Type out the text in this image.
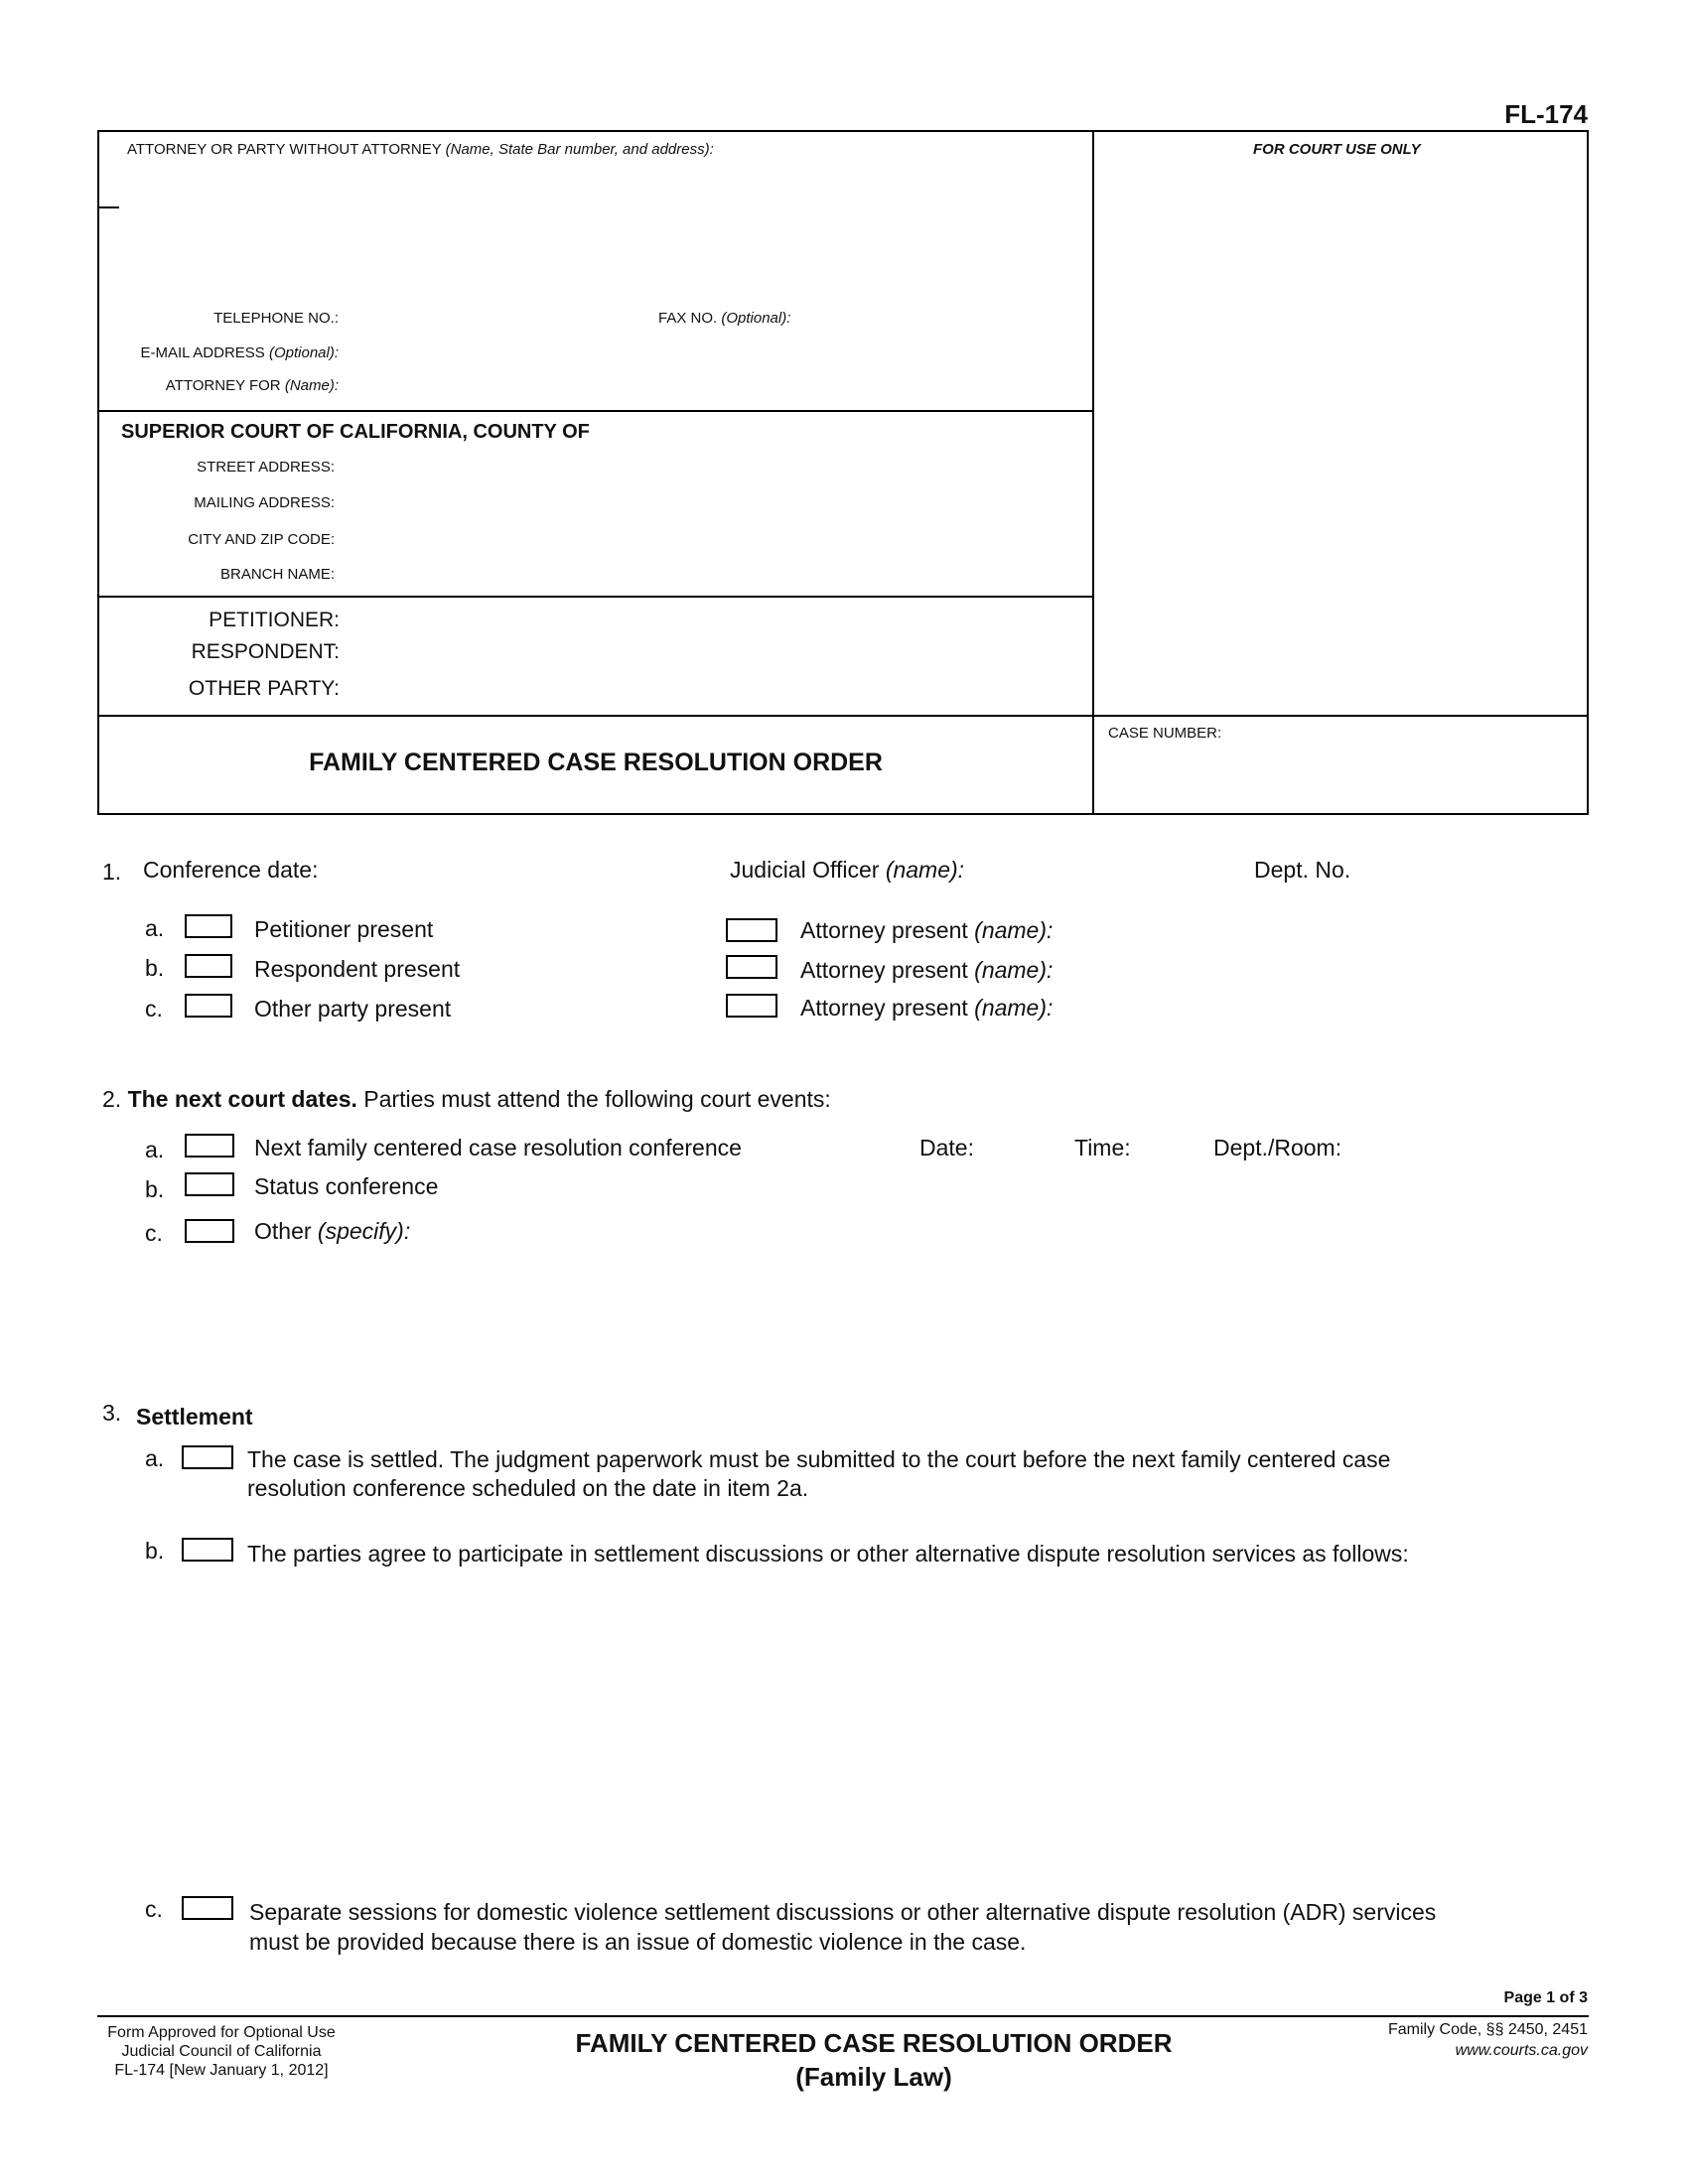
FL-174
ATTORNEY OR PARTY WITHOUT ATTORNEY (Name, State Bar number, and address):	FOR COURT USE ONLY
TELEPHONE NO.:	FAX NO. (Optional):
E-MAIL ADDRESS (Optional):
ATTORNEY FOR (Name):
SUPERIOR COURT OF CALIFORNIA, COUNTY OF
STREET ADDRESS:
MAILING ADDRESS:
CITY AND ZIP CODE:
BRANCH NAME:
PETITIONER:
RESPONDENT:
OTHER PARTY:
FAMILY CENTERED CASE RESOLUTION ORDER
CASE NUMBER:
1. Conference date:	Judicial Officer (name):	Dept. No.
a.	Petitioner present	Attorney present (name):
b.	Respondent present	Attorney present (name):
c.	Other party present	Attorney present (name):
2. The next court dates. Parties must attend the following court events:
a.	Next family centered case resolution conference	Date:	Time:	Dept./Room:
b.	Status conference
c.	Other (specify):
3. Settlement
a.	The case is settled. The judgment paperwork must be submitted to the court before the next family centered case
resolution conference scheduled on the date in item 2a.
b.	The parties agree to participate in settlement discussions or other alternative dispute resolution services as follows:
c.	Separate sessions for domestic violence settlement discussions or other alternative dispute resolution (ADR) services
must be provided because there is an issue of domestic violence in the case.
Page 1 of 3
Form Approved for Optional Use
Judicial Council of California
FL-174 [New January 1, 2012]
FAMILY CENTERED CASE RESOLUTION ORDER
(Family Law)
Family Code, §§ 2450, 2451
www.courts.ca.gov
